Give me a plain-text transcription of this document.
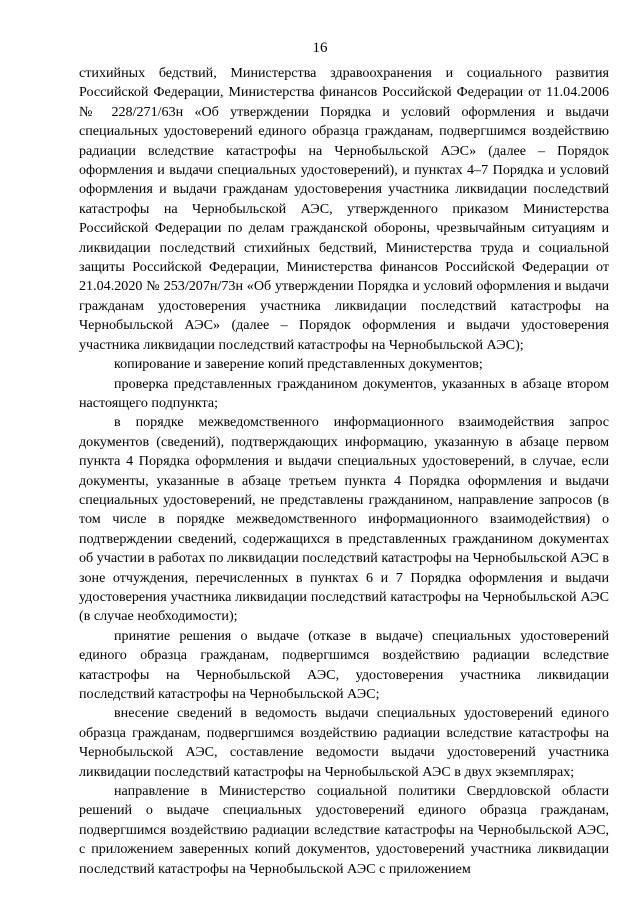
16

стихийных бедствий, Министерства здравоохранения и социального развития Российской Федерации, Министерства финансов Российской Федерации от 11.04.2006 № 228/271/63н «Об утверждении Порядка и условий оформления и выдачи специальных удостоверений единого образца гражданам, подвергшимся воздействию радиации вследствие катастрофы на Чернобыльской АЭС» (далее – Порядок оформления и выдачи специальных удостоверений), и пунктах 4–7 Порядка и условий оформления и выдачи гражданам удостоверения участника ликвидации последствий катастрофы на Чернобыльской АЭС, утвержденного приказом Министерства Российской Федерации по делам гражданской обороны, чрезвычайным ситуациям и ликвидации последствий стихийных бедствий, Министерства труда и социальной защиты Российской Федерации, Министерства финансов Российской Федерации от 21.04.2020 № 253/207н/73н «Об утверждении Порядка и условий оформления и выдачи гражданам удостоверения участника ликвидации последствий катастрофы на Чернобыльской АЭС» (далее – Порядок оформления и выдачи удостоверения участника ликвидации последствий катастрофы на Чернобыльской АЭС);

копирование и заверение копий представленных документов;

проверка представленных гражданином документов, указанных в абзаце втором настоящего подпункта;

в порядке межведомственного информационного взаимодействия запрос документов (сведений), подтверждающих информацию, указанную в абзаце первом пункта 4 Порядка оформления и выдачи специальных удостоверений, в случае, если документы, указанные в абзаце третьем пункта 4 Порядка оформления и выдачи специальных удостоверений, не представлены гражданином, направление запросов (в том числе в порядке межведомственного информационного взаимодействия) о подтверждении сведений, содержащихся в представленных гражданином документах об участии в работах по ликвидации последствий катастрофы на Чернобыльской АЭС в зоне отчуждения, перечисленных в пунктах 6 и 7 Порядка оформления и выдачи удостоверения участника ликвидации последствий катастрофы на Чернобыльской АЭС (в случае необходимости);

принятие решения о выдаче (отказе в выдаче) специальных удостоверений единого образца гражданам, подвергшимся воздействию радиации вследствие катастрофы на Чернобыльской АЭС, удостоверения участника ликвидации последствий катастрофы на Чернобыльской АЭС;

внесение сведений в ведомость выдачи специальных удостоверений единого образца гражданам, подвергшимся воздействию радиации вследствие катастрофы на Чернобыльской АЭС, составление ведомости выдачи удостоверений участника ликвидации последствий катастрофы на Чернобыльской АЭС в двух экземплярах;

направление в Министерство социальной политики Свердловской области решений о выдаче специальных удостоверений единого образца гражданам, подвергшимся воздействию радиации вследствие катастрофы на Чернобыльской АЭС, с приложением заверенных копий документов, удостоверений участника ликвидации последствий катастрофы на Чернобыльской АЭС с приложением
